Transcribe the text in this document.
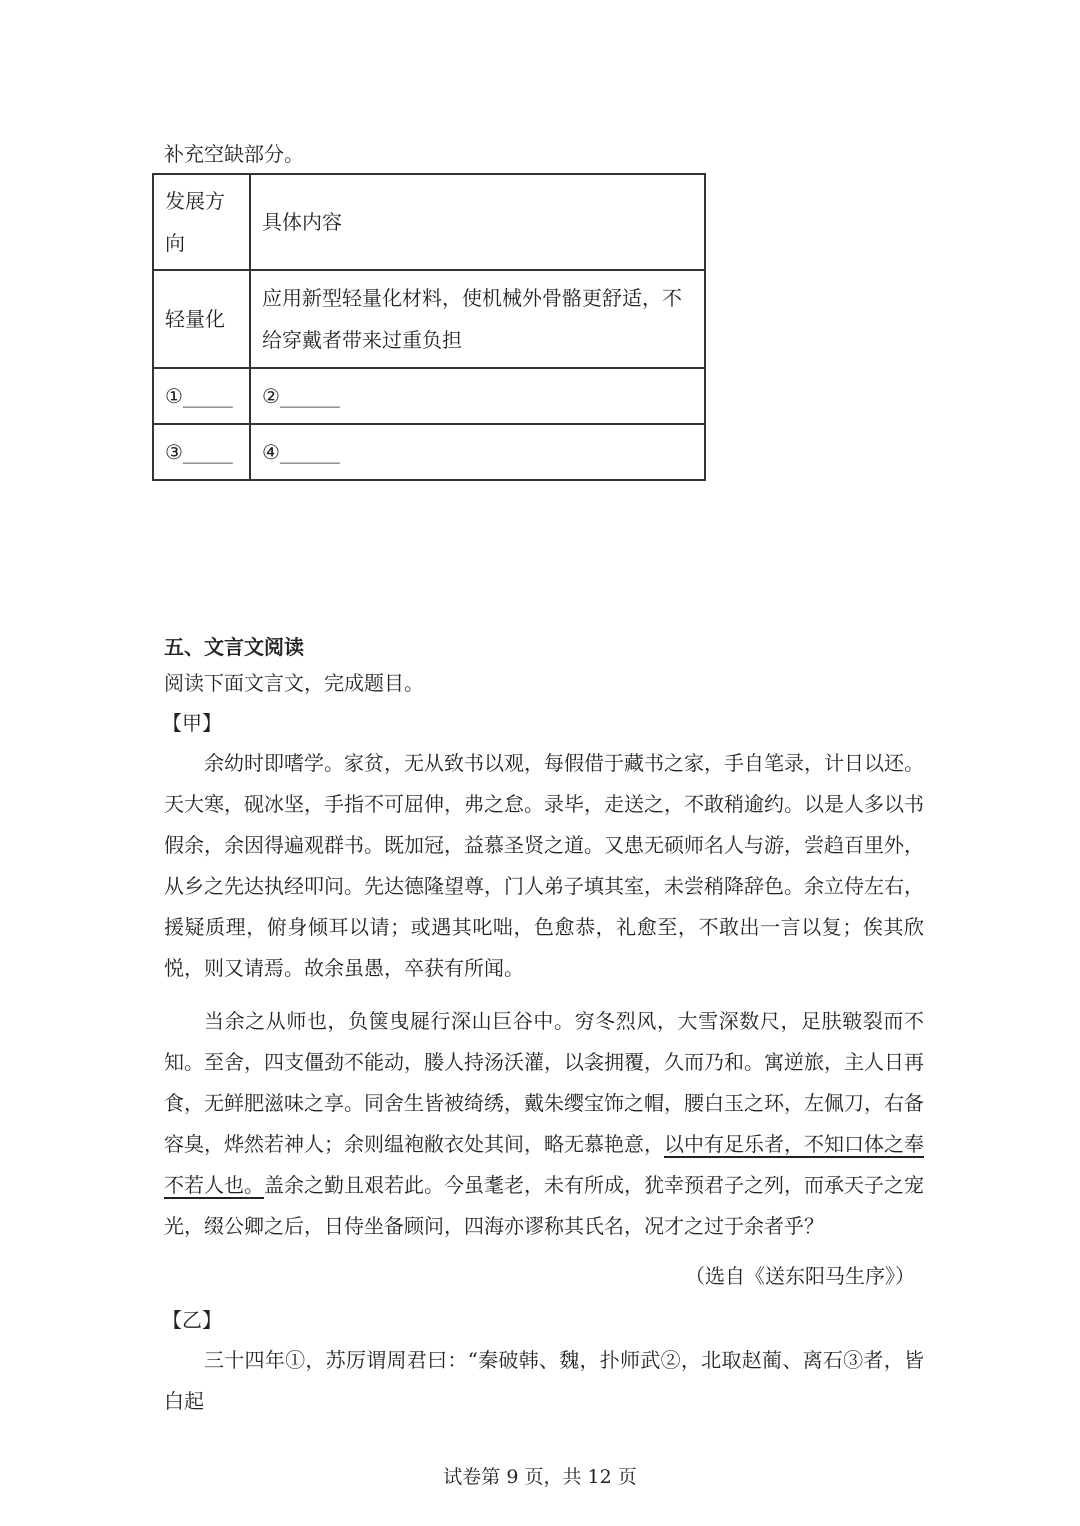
补充空缺部分。
发展方向	具体内容
轻量化	应用新型轻量化材料，使机械外骨骼更舒适，不给穿戴者带来过重负担
①_____	②______
③_____	④______
五、文言文阅读
阅读下面文言文，完成题目。
【甲】

余幼时即嗜学。家贫，无从致书以观，每假借于藏书之家，手自笔录，计日以还。天大寒，砚冰坚，手指不可屈伸，弗之怠。录毕，走送之，不敢稍逾约。以是人多以书假余，余因得遍观群书。既加冠，益慕圣贤之道。又患无硕师名人与游，尝趋百里外，从乡之先达执经叩问。先达德隆望尊，门人弟子填其室，未尝稍降辞色。余立侍左右，援疑质理，俯身倾耳以请；或遇其叱咄，色愈恭，礼愈至，不敢出一言以复；俟其欣悦，则又请焉。故余虽愚，卒获有所闻。

当余之从师也，负箧曳屣行深山巨谷中。穷冬烈风，大雪深数尺，足肤皲裂而不知。至舍，四支僵劲不能动，媵人持汤沃灌，以衾拥覆，久而乃和。寓逆旅，主人日再食，无鲜肥滋味之享。同舍生皆被绮绣，戴朱缨宝饰之帽，腰白玉之环，左佩刀，右备容臭，烨然若神人；余则缊袍敝衣处其间，略无慕艳意，以中有足乐者，不知口体之奉不若人也。盖余之勤且艰若此。今虽耄老，未有所成，犹幸预君子之列，而承天子之宠光，缀公卿之后，日侍坐备顾问，四海亦谬称其氏名，况才之过于余者乎？

（选自《送东阳马生序》）
【乙】

三十四年①，苏厉谓周君曰：“秦破韩、魏，扑师武②，北取赵蔺、离石③者，皆白起

试卷第 9 页，共 12 页
